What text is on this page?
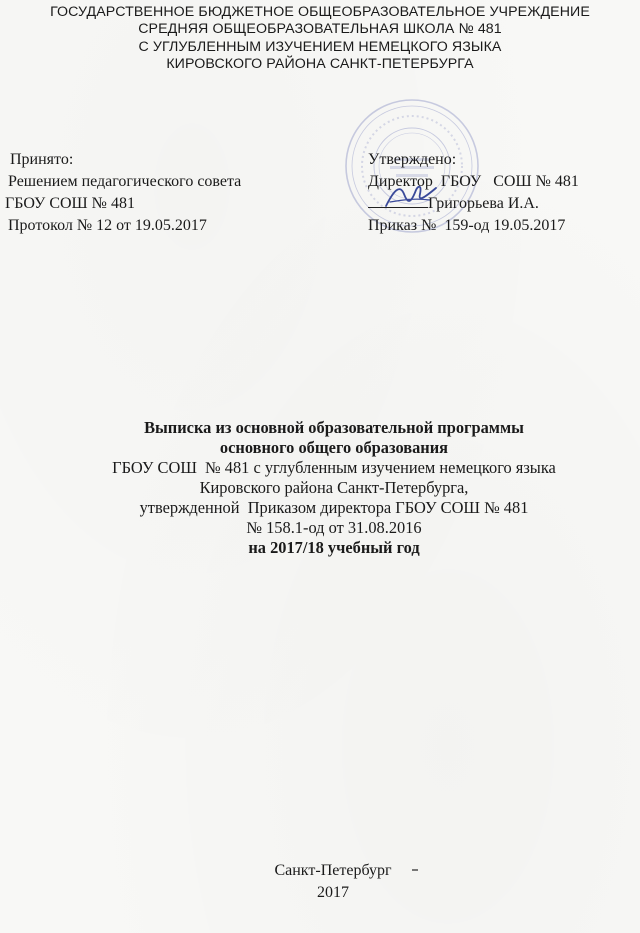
ГОСУДАРСТВЕННОЕ БЮДЖЕТНОЕ ОБЩЕОБРАЗОВАТЕЛЬНОЕ УЧРЕЖДЕНИЕ
СРЕДНЯЯ ОБЩЕОБРАЗОВАТЕЛЬНАЯ ШКОЛА № 481
С УГЛУБЛЕННЫМ ИЗУЧЕНИЕМ НЕМЕЦКОГО ЯЗЫКА
КИРОВСКОГО РАЙОНА САНКТ-ПЕТЕРБУРГА
Принято:
Решением педагогического совета
ГБОУ СОШ № 481
Протокол № 12 от 19.05.2017
Утверждено:
Директор  ГБОУ   СОШ № 481
Григорьева И.А.
Приказ №  159-од 19.05.2017
Выписка из основной образовательной программы
основного общего образования
ГБОУ СОШ  № 481 с углубленным изучением немецкого языка
Кировского района Санкт-Петербурга,
утвержденной  Приказом директора ГБОУ СОШ № 481
№ 158.1-од от 31.08.2016
на 2017/18 учебный год
Санкт-Петербург
2017
